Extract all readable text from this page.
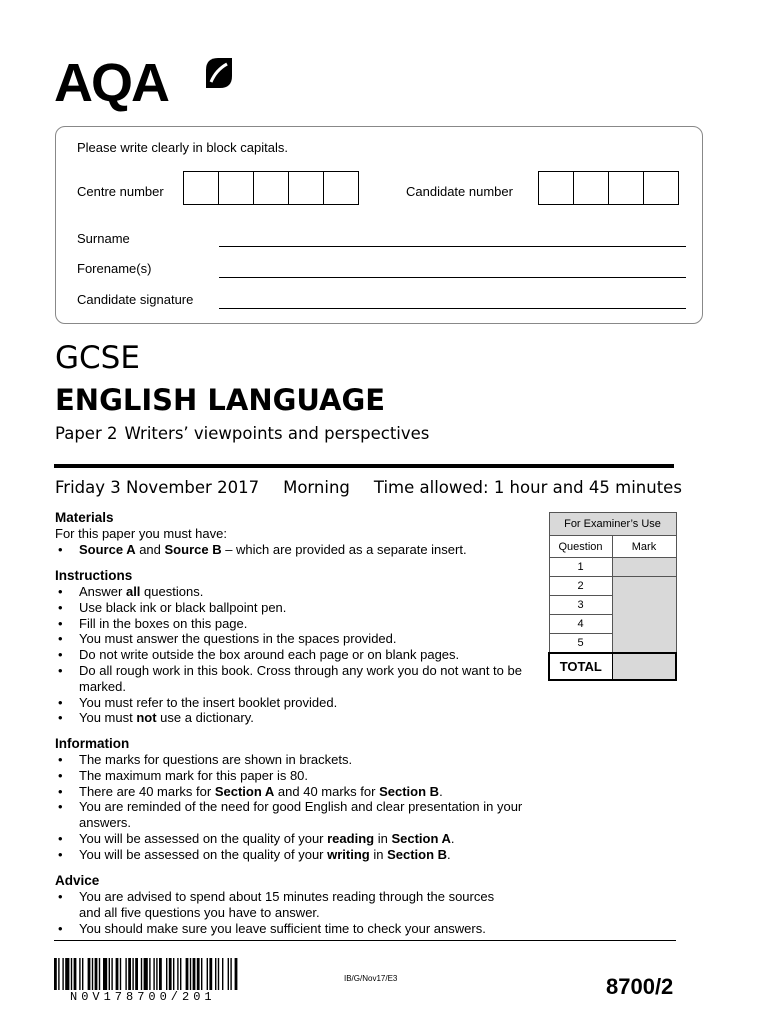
AQA
Please write clearly in block capitals.
Centre number	Candidate number
Surname
Forename(s)
Candidate signature
GCSE
ENGLISH LANGUAGE
Paper 2 Writers’ viewpoints and perspectives
Friday 3 November 2017 Morning Time allowed: 1 hour and 45 minutes
Materials
For this paper you must have:
• Source A and Source B – which are provided as a separate insert.
Instructions
• Answer all questions.
• Use black ink or black ballpoint pen.
• Fill in the boxes on this page.
• You must answer the questions in the spaces provided.
• Do not write outside the box around each page or on blank pages.
• Do all rough work in this book. Cross through any work you do not want to be marked.
• You must refer to the insert booklet provided.
• You must not use a dictionary.
Information
• The marks for questions are shown in brackets.
• The maximum mark for this paper is 80.
• There are 40 marks for Section A and 40 marks for Section B.
• You are reminded of the need for good English and clear presentation in your answers.
• You will be assessed on the quality of your reading in Section A.
• You will be assessed on the quality of your writing in Section B.
Advice
• You are advised to spend about 15 minutes reading through the sources and all five questions you have to answer.
• You should make sure you leave sufficient time to check your answers.
For Examiner’s Use	
Question	Mark
1	
2	
3	
4	
5	
TOTAL	
N0V178700/201
IB/G/Nov17/E3	8700/2
